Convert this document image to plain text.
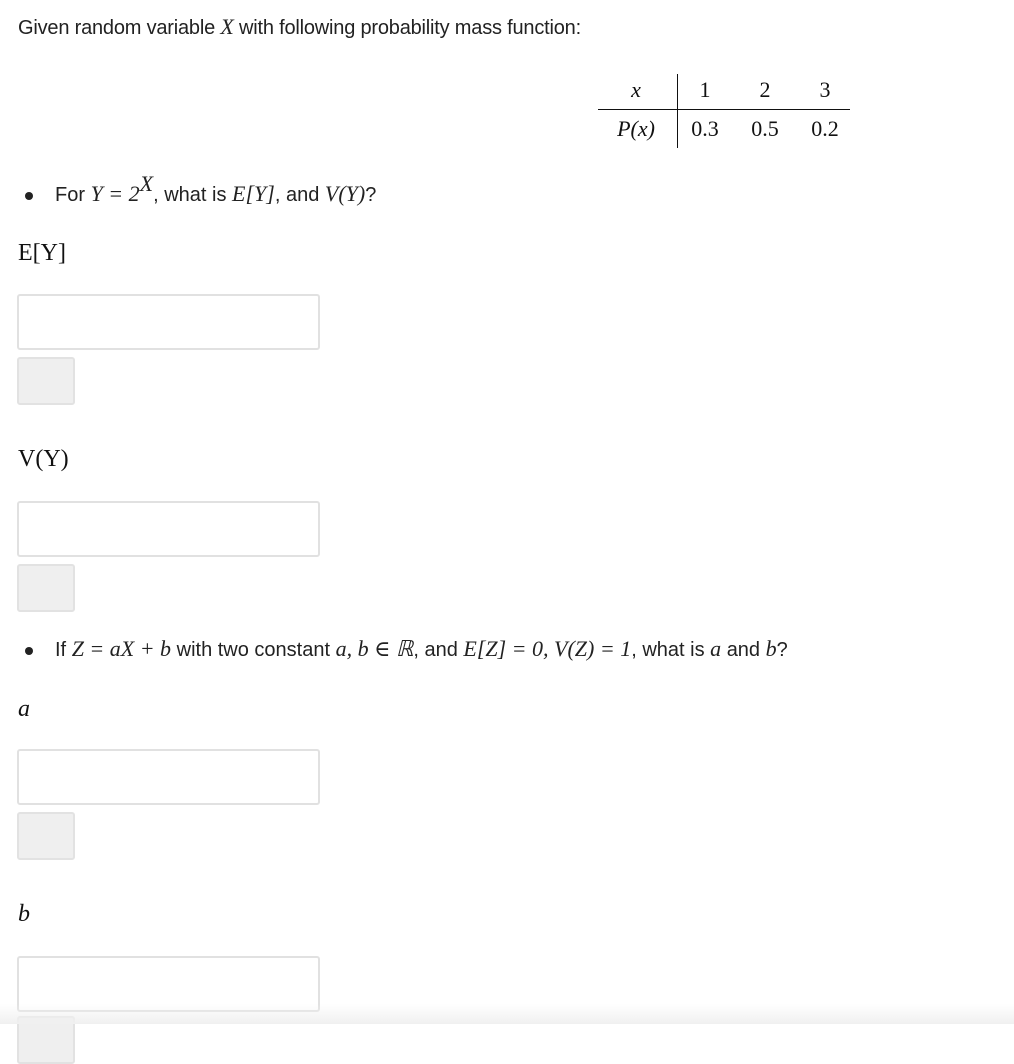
Given random variable X with following probability mass function:
x	1	2	3
P(x)	0.3	0.5	0.2
For $Y = 2^X$, what is E[Y], and V(Y)?
E[Y]
V(Y)
If Z = aX + b with two constant a, b ∈ ℝ, and E[Z] = 0, V(Z) = 1, what is a and b?
a
b
